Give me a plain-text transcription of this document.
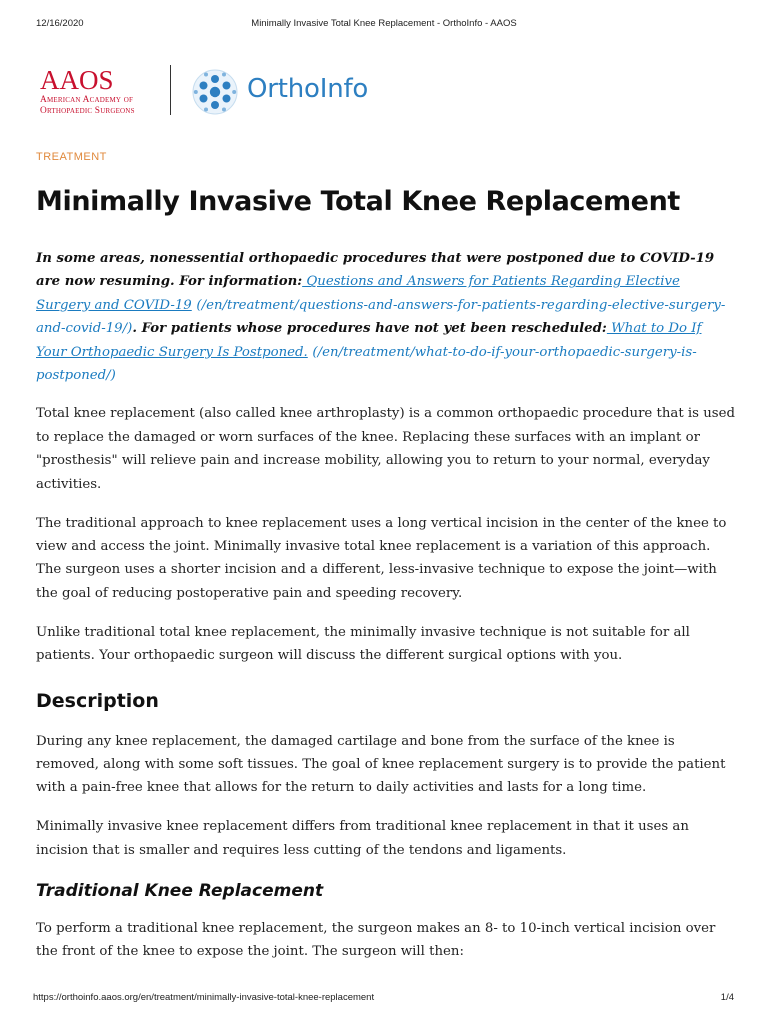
12/16/2020	Minimally Invasive Total Knee Replacement - OrthoInfo - AAOS
AAOS
American Academy of
Orthopaedic Surgeons
OrthoInfo
TREATMENT
Minimally Invasive Total Knee Replacement

In some areas, nonessential orthopaedic procedures that were postponed due to COVID-19 are now resuming. For information: Questions and Answers for Patients Regarding Elective Surgery and COVID-19 (/en/treatment/questions-and-answers-for-patients-regarding-elective-surgery-and-covid-19/). For patients whose procedures have not yet been rescheduled: What to Do If Your Orthopaedic Surgery Is Postponed. (/en/treatment/what-to-do-if-your-orthopaedic-surgery-is-postponed/)

Total knee replacement (also called knee arthroplasty) is a common orthopaedic procedure that is used to replace the damaged or worn surfaces of the knee. Replacing these surfaces with an implant or "prosthesis" will relieve pain and increase mobility, allowing you to return to your normal, everyday activities.

The traditional approach to knee replacement uses a long vertical incision in the center of the knee to view and access the joint. Minimally invasive total knee replacement is a variation of this approach. The surgeon uses a shorter incision and a different, less-invasive technique to expose the joint—with the goal of reducing postoperative pain and speeding recovery.

Unlike traditional total knee replacement, the minimally invasive technique is not suitable for all patients. Your orthopaedic surgeon will discuss the different surgical options with you.

Description

During any knee replacement, the damaged cartilage and bone from the surface of the knee is removed, along with some soft tissues. The goal of knee replacement surgery is to provide the patient with a pain-free knee that allows for the return to daily activities and lasts for a long time.

Minimally invasive knee replacement differs from traditional knee replacement in that it uses an incision that is smaller and requires less cutting of the tendons and ligaments.

Traditional Knee Replacement

To perform a traditional knee replacement, the surgeon makes an 8- to 10-inch vertical incision over the front of the knee to expose the joint. The surgeon will then:

https://orthoinfo.aaos.org/en/treatment/minimally-invasive-total-knee-replacement	1/4
